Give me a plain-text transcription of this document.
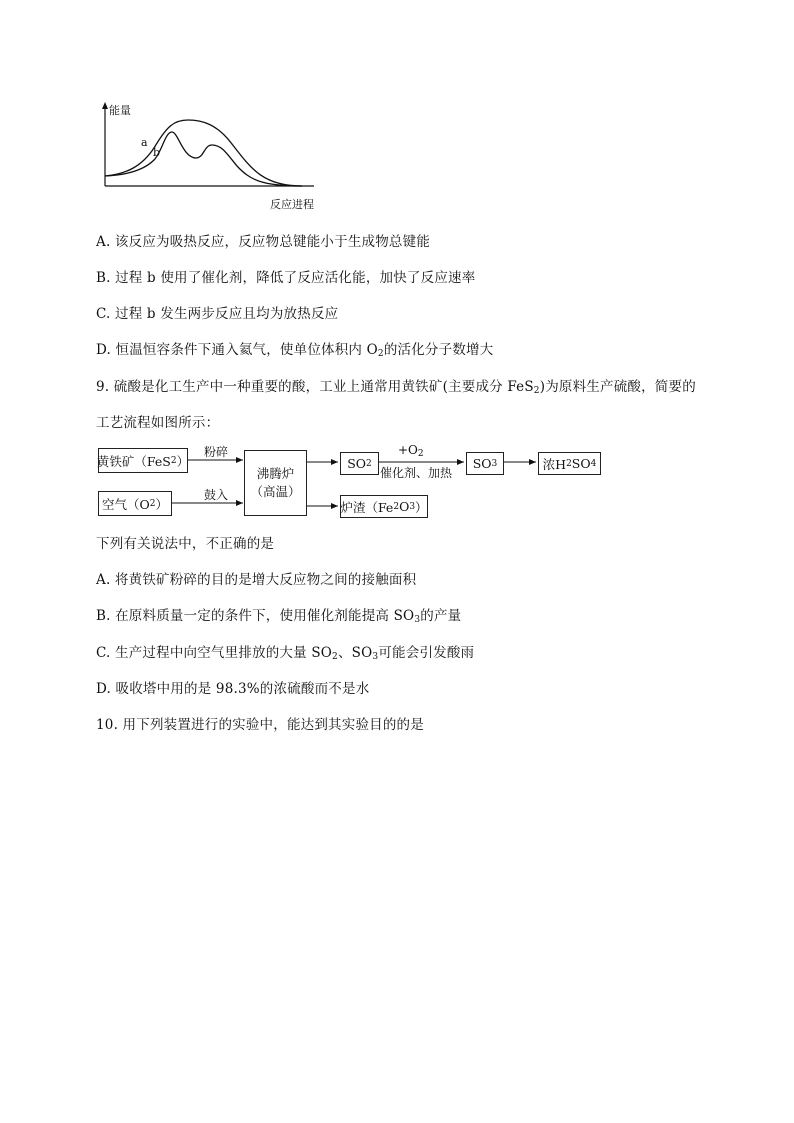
能量
a
b
反应进程
A. 该反应为吸热反应，反应物总键能小于生成物总键能
B. 过程 b 使用了催化剂，降低了反应活化能，加快了反应速率
C. 过程 b 发生两步反应且均为放热反应
D. 恒温恒容条件下通入氦气，使单位体积内 $O_2$的活化分子数增大
9. 硫酸是化工生产中一种重要的酸，工业上通常用黄铁矿(主要成分 FeS$_2$)为原料生产硫酸，简要的
工艺流程如图所示：
黄铁矿（FeS 2 ）
粉碎
空气（O 2 ）
鼓入
沸腾炉
（高温）
SO 2
$+O_2$
催化剂、加热
SO 3	浓H 2 SO 4
炉渣（Fe 2 O 3 ）
下列有关说法中，不正确的是
A. 将黄铁矿粉碎的目的是增大反应物之间的接触面积
B. 在原料质量一定的条件下，使用催化剂能提高 $SO_3$的产量
C. 生产过程中向空气里排放的大量 $SO_2$、$SO_3$可能会引发酸雨
D. 吸收塔中用的是 98.3%的浓硫酸而不是水
10. 用下列装置进行的实验中，能达到其实验目的的是
